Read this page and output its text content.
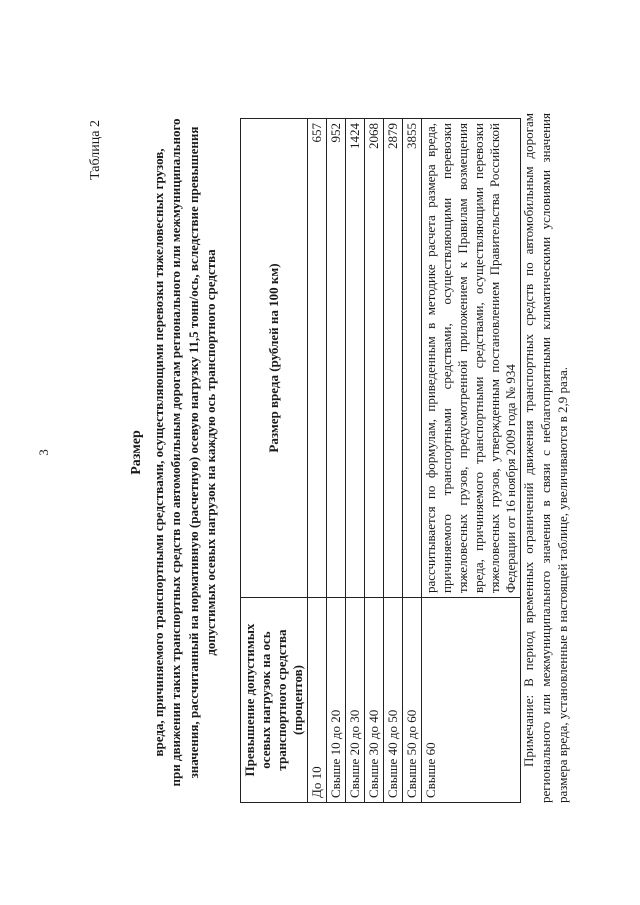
3
Таблица 2
Размер вреда, причиняемого транспортными средствами, осуществляющими перевозки тяжеловесных грузов, при движении таких транспортных средств по автомобильным дорогам регионального или межмуниципального значения, рассчитанный на нормативную (расчетную) осевую нагрузку 11,5 тонн/ось, вследствие превышения допустимых осевых нагрузок на каждую ось транспортного средства
Превышение допустимых осевых нагрузок на ось транспортного средства (процентов)	Размер вреда (рублей на 100 км)
До 10	657
Свыше 10 до 20	952
Свыше 20 до 30	1424
Свыше 30 до 40	2068
Свыше 40 до 50	2879
Свыше 50 до 60	3855
Свыше 60	рассчитывается по формулам, приведенным в методике расчета размера вреда, причиняемого транспортными средствами, осуществляющими перевозки тяжеловесных грузов, предусмотренной приложением к Правилам возмещения вреда, причиняемого транспортными средствами, осуществляющими перевозки тяжеловесных грузов, утвержденным постановлением Правительства Российской Федерации от 16 ноября 2009 года № 934 Примечание: В период временных ограничений движения транспортных средств по автомобильным дорогам регионального или межмуниципального значения в связи с неблагоприятными климатическими условиями значения размера вреда, установленные в настоящей таблице, увеличиваются в 2,9 раза.
